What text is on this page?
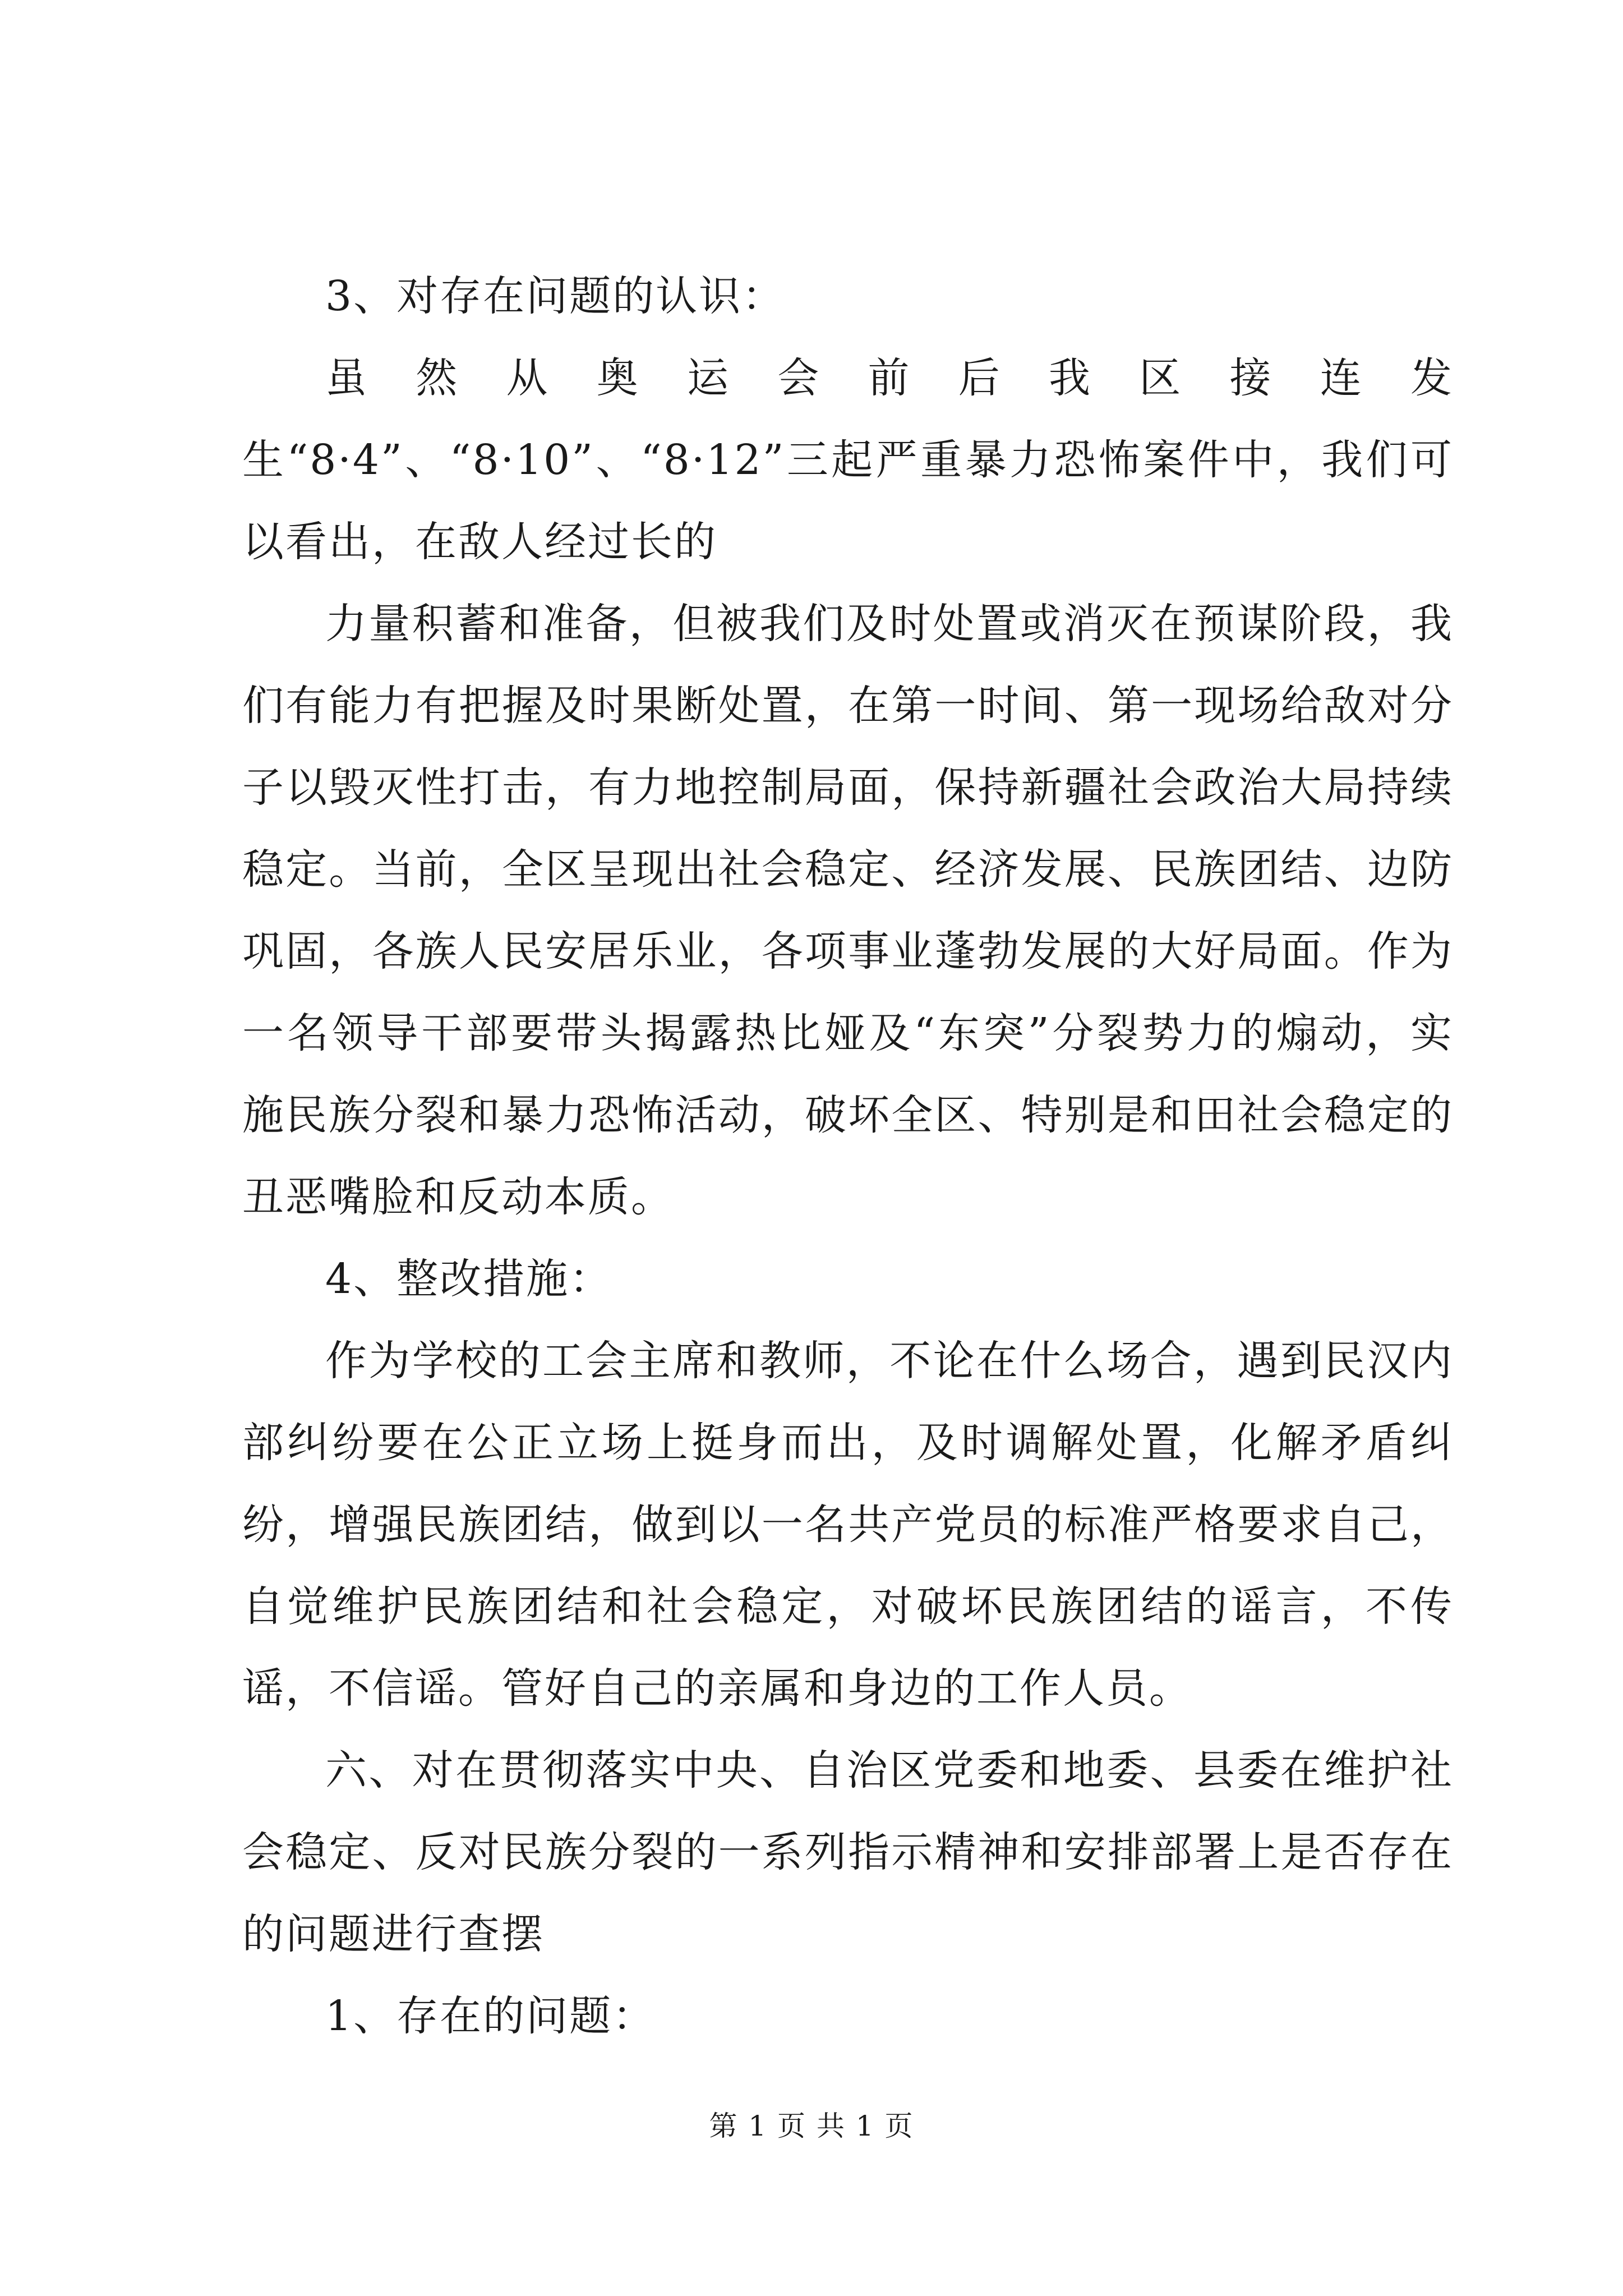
3、对存在问题的认识：

虽然从奥运会前后我区接连发生“8·4”、“8·10”、“8·12”三起严重暴力恐怖案件中，我们可以看出，在敌人经过长的

力量积蓄和准备，但被我们及时处置或消灭在预谋阶段，我们有能力有把握及时果断处置，在第一时间、第一现场给敌对分子以毁灭性打击，有力地控制局面，保持新疆社会政治大局持续稳定。当前，全区呈现出社会稳定、经济发展、民族团结、边防巩固，各族人民安居乐业，各项事业蓬勃发展的大好局面。作为一名领导干部要带头揭露热比娅及“东突”分裂势力的煽动，实施民族分裂和暴力恐怖活动，破坏全区、特别是和田社会稳定的丑恶嘴脸和反动本质。

4、整改措施：

作为学校的工会主席和教师，不论在什么场合，遇到民汉内部纠纷要在公正立场上挺身而出，及时调解处置，化解矛盾纠纷，增强民族团结，做到以一名共产党员的标准严格要求自己，自觉维护民族团结和社会稳定，对破坏民族团结的谣言，不传谣，不信谣。管好自己的亲属和身边的工作人员。

六、对在贯彻落实中央、自治区党委和地委、县委在维护社会稳定、反对民族分裂的一系列指示精神和安排部署上是否存在的问题进行查摆

1、存在的问题：

第 1 页 共 1 页
